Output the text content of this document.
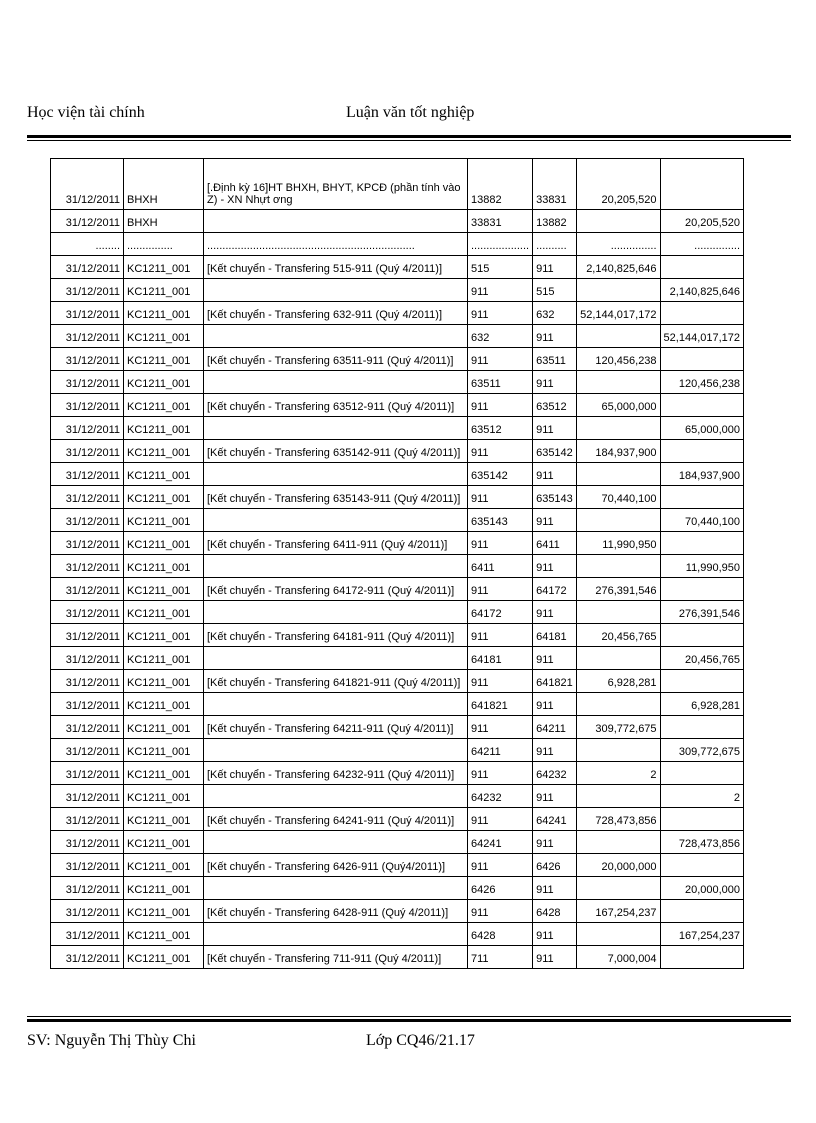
Học viện tài chính	Luận văn tốt nghiệp
31/12/2011	BHXH	[.Định kỳ 16]HT BHXH, BHYT, KPCĐ (phần tính vào Z) - XN Nhựt ơng	13882	33831	20,205,520	
31/12/2011	BHXH		33831	13882		20,205,520
........	...............	....................................................................	...................	..........	...............	...............
31/12/2011	KC1211_001	[Kết chuyển - Transfering 515-911 (Quý 4/2011)]	515	911	2,140,825,646	
31/12/2011	KC1211_001		911	515		2,140,825,646
31/12/2011	KC1211_001	[Kết chuyển - Transfering 632-911 (Quý 4/2011)]	911	632	52,144,017,172	
31/12/2011	KC1211_001		632	911		52,144,017,172
31/12/2011	KC1211_001	[Kết chuyển - Transfering 63511-911 (Quý 4/2011)]	911	63511	120,456,238	
31/12/2011	KC1211_001		63511	911		120,456,238
31/12/2011	KC1211_001	[Kết chuyển - Transfering 63512-911 (Quý 4/2011)]	911	63512	65,000,000	
31/12/2011	KC1211_001		63512	911		65,000,000
31/12/2011	KC1211_001	[Kết chuyển - Transfering 635142-911 (Quý 4/2011)]	911	635142	184,937,900	
31/12/2011	KC1211_001		635142	911		184,937,900
31/12/2011	KC1211_001	[Kết chuyển - Transfering 635143-911 (Quý 4/2011)]	911	635143	70,440,100	
31/12/2011	KC1211_001		635143	911		70,440,100
31/12/2011	KC1211_001	[Kết chuyển - Transfering 6411-911 (Quý 4/2011)]	911	6411	11,990,950	
31/12/2011	KC1211_001		6411	911		11,990,950
31/12/2011	KC1211_001	[Kết chuyển - Transfering 64172-911 (Quý 4/2011)]	911	64172	276,391,546	
31/12/2011	KC1211_001		64172	911		276,391,546
31/12/2011	KC1211_001	[Kết chuyển - Transfering 64181-911 (Quý 4/2011)]	911	64181	20,456,765	
31/12/2011	KC1211_001		64181	911		20,456,765
31/12/2011	KC1211_001	[Kết chuyển - Transfering 641821-911 (Quý 4/2011)]	911	641821	6,928,281	
31/12/2011	KC1211_001		641821	911		6,928,281
31/12/2011	KC1211_001	[Kết chuyển - Transfering 64211-911 (Quý 4/2011)]	911	64211	309,772,675	
31/12/2011	KC1211_001		64211	911		309,772,675
31/12/2011	KC1211_001	[Kết chuyển - Transfering 64232-911 (Quý 4/2011)]	911	64232	2	
31/12/2011	KC1211_001		64232	911		2
31/12/2011	KC1211_001	[Kết chuyển - Transfering 64241-911 (Quý 4/2011)]	911	64241	728,473,856	
31/12/2011	KC1211_001		64241	911		728,473,856
31/12/2011	KC1211_001	[Kết chuyển - Transfering 6426-911 (Quý4/2011)]	911	6426	20,000,000	
31/12/2011	KC1211_001		6426	911		20,000,000
31/12/2011	KC1211_001	[Kết chuyển - Transfering 6428-911 (Quý 4/2011)]	911	6428	167,254,237	
31/12/2011	KC1211_001		6428	911		167,254,237
31/12/2011	KC1211_001	[Kết chuyển - Transfering 711-911 (Quý 4/2011)]	711	911	7,000,004	
SV: Nguyễn Thị Thùy Chi	Lớp CQ46/21.17
